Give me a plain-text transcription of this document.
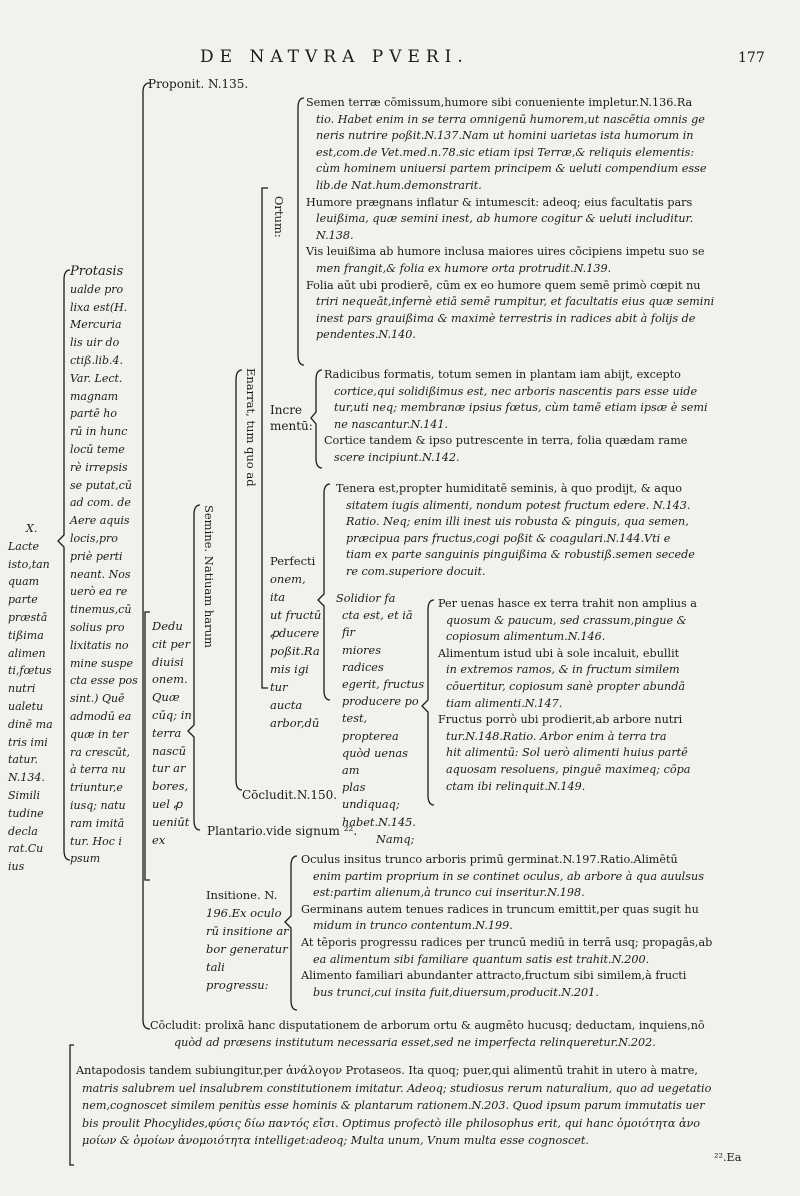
DE NATVRA PVERI.	177
Proponit. N.135.
X.
Lacte
isto,tan
quam
parte
præstā
tißima
alimen
ti,fœtus
nutri
ualetu
dinē ma
tris imi
tatur.
N.134.
Simili
tudine
decla
rat.Cu
ius
Protasis
ualde pro
lixa est(H.
Mercuria
lis uir do
ctiß.lib.4.
Var. Lect.
magnam
partē ho
rū in hunc
locū teme
rè irrepsis
se putat,cū
ad com. de
Aere aquis
locis,pro
priè perti
neant. Nos
uerò ea re
tinemus,cū
solius pro
lixitatis no
mine suspe
cta esse pos
sint.) Quē
admodū ea
quæ in ter
ra crescūt,
à terra nu
triuntur,e
iusq; natu
ram imitā
tur. Hoc i
psum
Dedu
cit per
diuisi
onem.
Quæ
cūq; in
terra
nascū
tur ar
bores,
uel ꝓ
ueniūt
ex
Semine. Natiuam harum
Enarrat, tum quo ad
Ortum:
Semen terræ cōmissum,humore sibi conueniente impletur.N.136.Ra
tio. Habet enim in se terra omnigenū humorem,ut nascētia omnis ge
neris nutrire poßit.N.137.Nam ut homini uarietas ista humorum in
est,com.de Vet.med.n.78.sic etiam ipsi Terræ,& reliquis elementis:
cùm hominem uniuersi partem principem & ueluti compendium esse
lib.de Nat.hum.demonstrarit.
Humore prægnans inflatur & intumescit: adeoq; eius facultatis pars
leuißima, quæ semini inest, ab humore cogitur & ueluti includitur.
N.138.
Vis leuißima ab humore inclusa maiores uires cōcipiens impetu suo se
men frangit,& folia ex humore orta protrudit.N.139.
Folia aūt ubi prodierē, cūm ex eo humore quem semē primò cœpit nu
triri nequeāt,infernè etiā semē rumpitur, et facultatis eius quæ semini
inest pars grauißima & maximè terrestris in radices abit à folijs de
pendentes.N.140.
Incre
mentū:
Radicibus formatis, totum semen in plantam iam abijt, excepto
cortice,qui solidißimus est, nec arboris nascentis pars esse uide
tur,uti neq; membranæ ipsius fœtus, cùm tamē etiam ipsæ è semi
ne nascantur.N.141.
Cortice tandem & ipso putrescente in terra, folia quædam rame
scere incipiunt.N.142.
Perfecti
onem, ita
ut fructū
ꝓducere
poßit.Ra
mis igi
tur aucta
arbor,dū
Tenera est,propter humiditatē seminis, à quo prodijt, & aquo
sitatem iugis alimenti, nondum potest fructum edere. N.143.
Ratio. Neq; enim illi inest uis robusta & pinguis, qua semen,
præcipua pars fructus,cogi poßit & coagulari.N.144.Vti e
tiam ex parte sanguinis pinguißima & robustiß.semen secede
re com.superiore docuit.
Solidior fa
cta est, et iā fir
miores radices
egerit, fructus
producere po
test, propterea
quòd uenas am
plas undiquaq;
habet.N.145.
Namq;
Per uenas hasce ex terra trahit non amplius a
quosum & paucum, sed crassum,pingue &
copiosum alimentum.N.146.
Alimentum istud ubi à sole incaluit, ebullit
in extremos ramos, & in fructum similem
cōuertitur, copiosum sanè propter abundā
tiam alimenti.N.147.
Fructus porrò ubi prodierit,ab arbore nutri
tur.N.148.Ratio. Arbor enim à terra tra
hit alimentū: Sol uerò alimenti huius partē
aquosam resoluens, pinguē maximeq; cōpa
ctam ibi relinquit.N.149.
Cōcludit.N.150.
Plantario.vide signum ²².
Insitione. N.
196.Ex oculo
rū insitione ar
bor generatur
tali progressu:
Oculus insitus trunco arboris primū germinat.N.197.Ratio.Alimētū
enim partim proprium in se continet oculus, ab arbore à qua auulsus
est:partim alienum,à trunco cui inseritur.N.198.
Germinans autem tenues radices in truncum emittit,per quas sugit hu
midum in trunco contentum.N.199.
At tēporis progressu radices per truncū mediū in terrā usq; propagās,ab
ea alimentum sibi familiare quantum satis est trahit.N.200.
Alimento familiari abundanter attracto,fructum sibi similem,à fructi
bus trunci,cui insita fuit,diuersum,producit.N.201.
Cōcludit: prolixā hanc disputationem de arborum ortu & augmēto hucusq; deductam, inquiens,nō
quòd ad præsens institutum necessaria esset,sed ne imperfecta relinqueretur.N.202.
Antapodosis tandem subiungitur,per ἀνάλογον Protaseos. Ita quoq; puer,qui alimentū trahit in utero à matre,
matris salubrem uel insalubrem constitutionem imitatur. Adeoq; studiosus rerum naturalium, quo ad uegetatio
nem,cognoscet similem penitùs esse hominis & plantarum rationem.N.203. Quod ipsum parum immutatis uer
bis proulit Phocylides,φύσις δίω παντός εἴσι. Optimus profectò ille philosophus erit, qui hanc ὁμοιότητα ἀνο
μοίων & ὁμοίων ἀνομοιότητα intelliget:adeoq; Multa unum, Vnum multa esse cognoscet.
²².Ea
